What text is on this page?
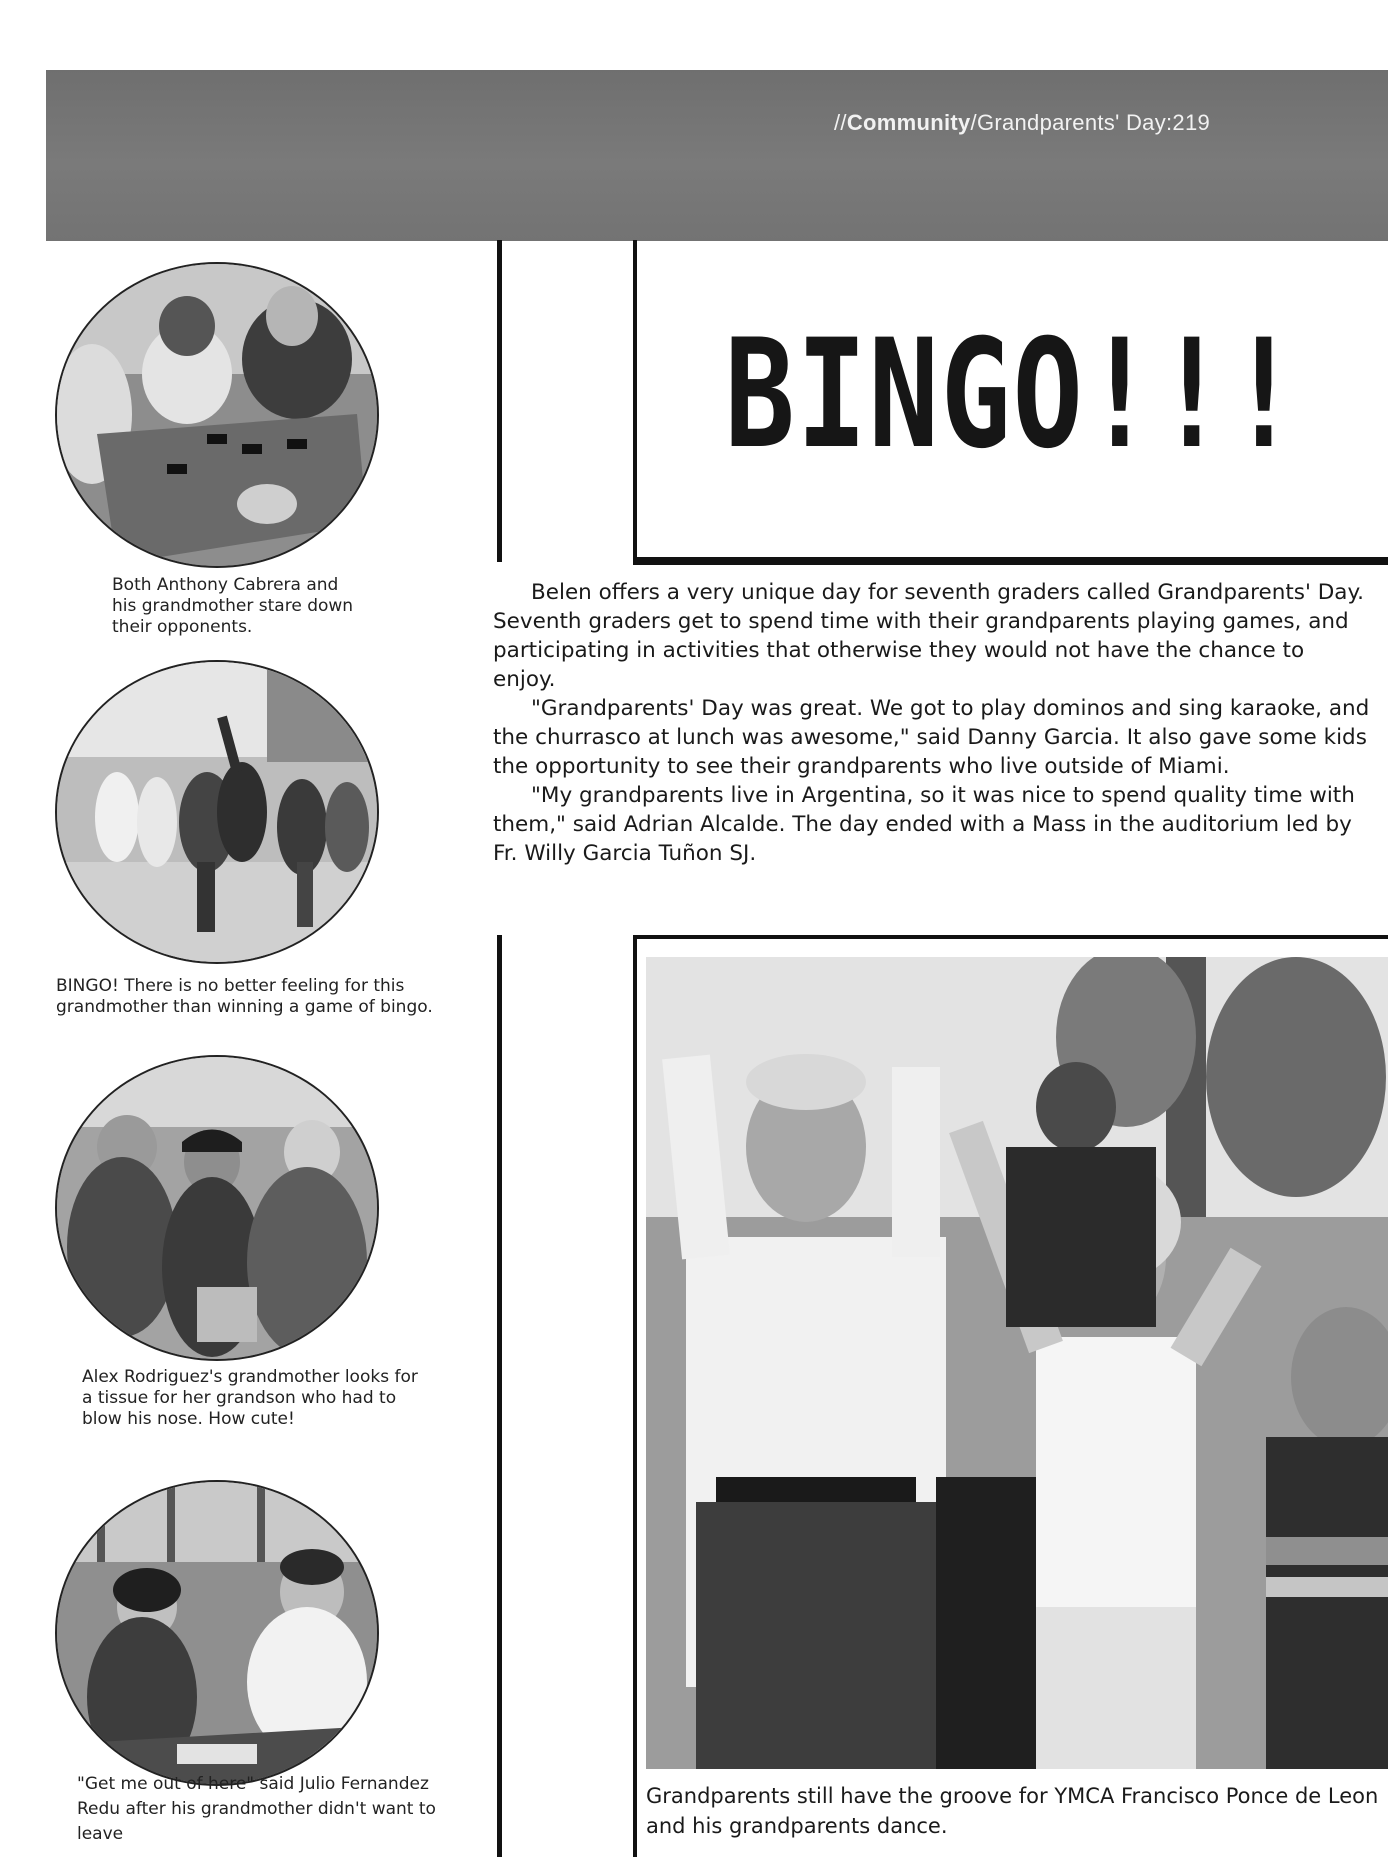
//Community/Grandparents' Day:219
Both Anthony Cabrera and his grandmother stare down their opponents.
BINGO! There is no better feeling for this grandmother than winning a game of bingo.
Alex Rodriguez's grandmother looks for a tissue for her grandson who had to blow his nose. How cute!
"Get me out of here" said Julio Fernandez Redu after his grandmother didn't want to leave
BINGO!!!

Belen offers a very unique day for seventh graders called Grandparents' Day. Seventh graders get to spend time with their grandparents playing games, and participating in activities that otherwise they would not have the chance to enjoy.

"Grandparents' Day was great. We got to play dominos and sing karaoke, and the churrasco at lunch was awesome," said Danny Garcia. It also gave some kids the opportunity to see their grandparents who live outside of Miami.

"My grandparents live in Argentina, so it was nice to spend quality time with them," said Adrian Alcalde. The day ended with a Mass in the auditorium led by Fr. Willy Garcia Tuñon SJ.

Grandparents still have the groove for YMCA Francisco Ponce de Leon and his grandparents dance.
